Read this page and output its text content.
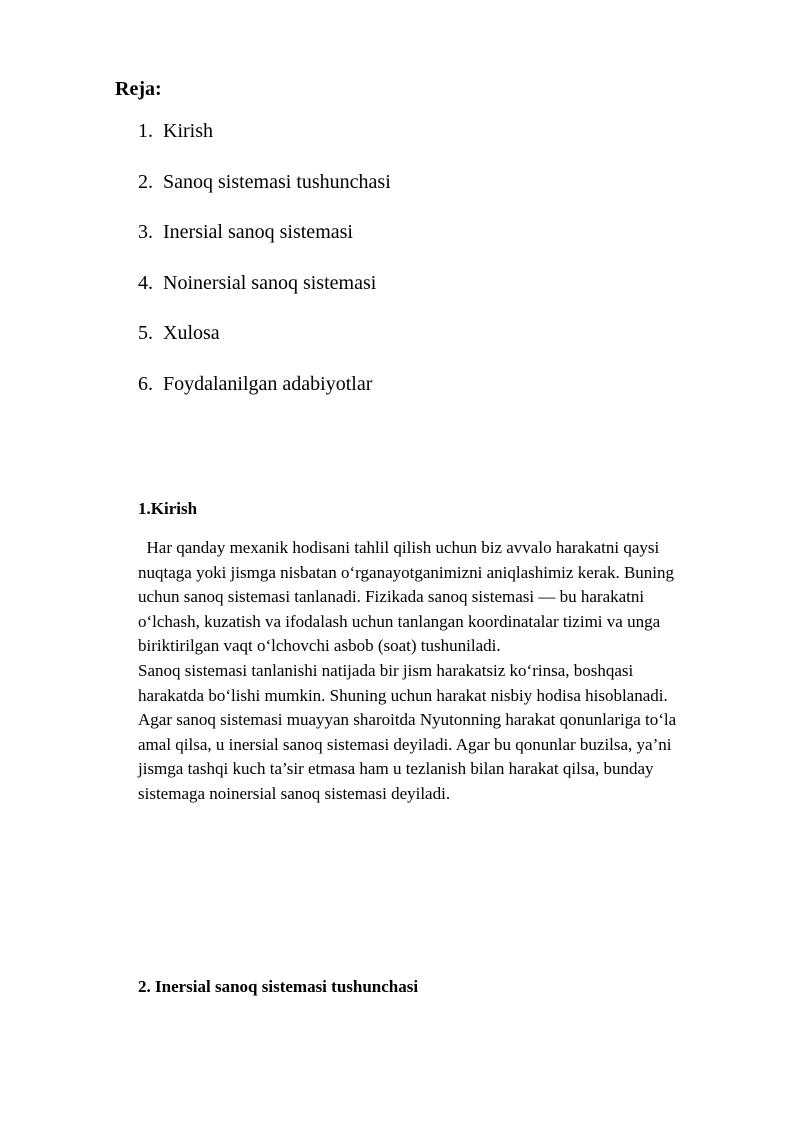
Reja:
1. Kirish
2. Sanoq sistemasi tushunchasi
3. Inersial sanoq sistemasi
4. Noinersial sanoq sistemasi
5. Xulosa
6. Foydalanilgan adabiyotlar
1.Kirish

Har qanday mexanik hodisani tahlil qilish uchun biz avvalo harakatni qaysi

nuqtaga yoki jismga nisbatan o‘rganayotganimizni aniqlashimiz kerak. Buning

uchun sanoq sistemasi tanlanadi. Fizikada sanoq sistemasi — bu harakatni

o‘lchash, kuzatish va ifodalash uchun tanlangan koordinatalar tizimi va unga

biriktirilgan vaqt o‘lchovchi asbob (soat) tushuniladi.

Sanoq sistemasi tanlanishi natijada bir jism harakatsiz ko‘rinsa, boshqasi

harakatda bo‘lishi mumkin. Shuning uchun harakat nisbiy hodisa hisoblanadi.

Agar sanoq sistemasi muayyan sharoitda Nyutonning harakat qonunlariga to‘la

amal qilsa, u inersial sanoq sistemasi deyiladi. Agar bu qonunlar buzilsa, ya’ni

jismga tashqi kuch ta’sir etmasa ham u tezlanish bilan harakat qilsa, bunday

sistemaga noinersial sanoq sistemasi deyiladi.

2. Inersial sanoq sistemasi tushunchasi
